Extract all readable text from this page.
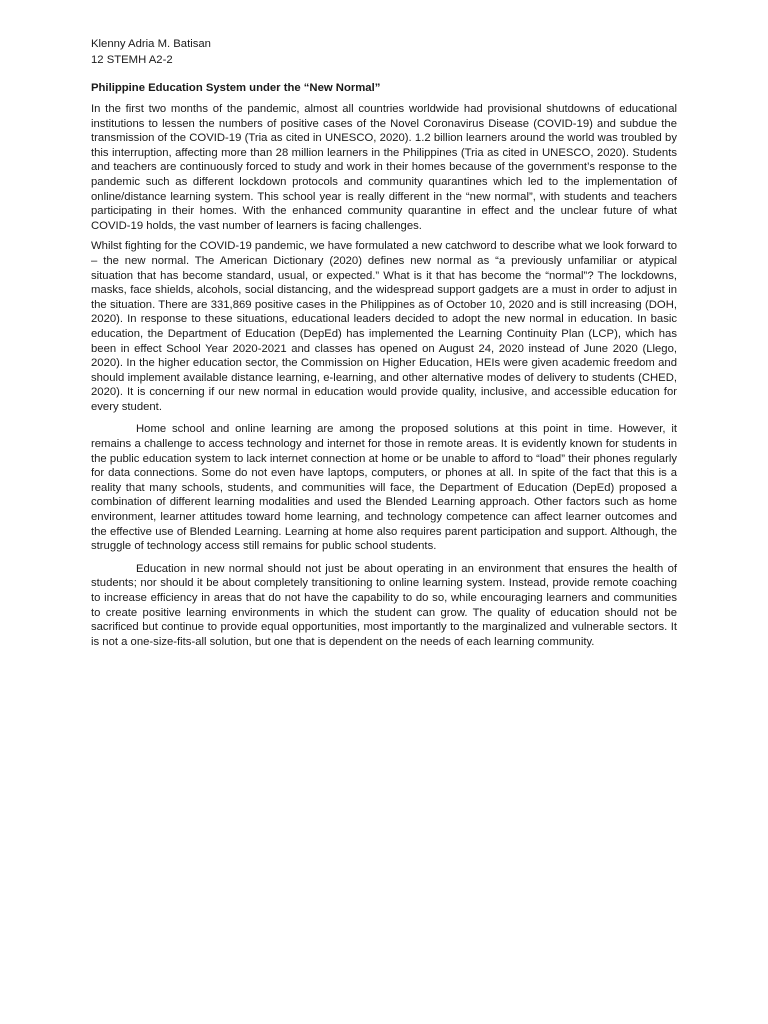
Klenny Adria M. Batisan

12 STEMH A2-2

Philippine Education System under the “New Normal”

In the first two months of the pandemic, almost all countries worldwide had provisional shutdowns of educational institutions to lessen the numbers of positive cases of the Novel Coronavirus Disease (COVID-19) and subdue the transmission of the COVID-19 (Tria as cited in UNESCO, 2020). 1.2 billion learners around the world was troubled by this interruption, affecting more than 28 million learners in the Philippines (Tria as cited in UNESCO, 2020). Students and teachers are continuously forced to study and work in their homes because of the government’s response to the pandemic such as different lockdown protocols and community quarantines which led to the implementation of online/distance learning system. This school year is really different in the “new normal”, with students and teachers participating in their homes. With the enhanced community quarantine in effect and the unclear future of what COVID-19 holds, the vast number of learners is facing challenges.

Whilst fighting for the COVID-19 pandemic, we have formulated a new catchword to describe what we look forward to – the new normal. The American Dictionary (2020) defines new normal as “a previously unfamiliar or atypical situation that has become standard, usual, or expected.” What is it that has become the “normal”? The lockdowns, masks, face shields, alcohols, social distancing, and the widespread support gadgets are a must in order to adjust in the situation. There are 331,869 positive cases in the Philippines as of October 10, 2020 and is still increasing (DOH, 2020). In response to these situations, educational leaders decided to adopt the new normal in education. In basic education, the Department of Education (DepEd) has implemented the Learning Continuity Plan (LCP), which has been in effect School Year 2020-2021 and classes has opened on August 24, 2020 instead of June 2020 (Llego, 2020). In the higher education sector, the Commission on Higher Education, HEIs were given academic freedom and should implement available distance learning, e-learning, and other alternative modes of delivery to students (CHED, 2020). It is concerning if our new normal in education would provide quality, inclusive, and accessible education for every student.

Home school and online learning are among the proposed solutions at this point in time. However, it remains a challenge to access technology and internet for those in remote areas. It is evidently known for students in the public education system to lack internet connection at home or be unable to afford to “load” their phones regularly for data connections. Some do not even have laptops, computers, or phones at all. In spite of the fact that this is a reality that many schools, students, and communities will face, the Department of Education (DepEd) proposed a combination of different learning modalities and used the Blended Learning approach. Other factors such as home environment, learner attitudes toward home learning, and technology competence can affect learner outcomes and the effective use of Blended Learning. Learning at home also requires parent participation and support. Although, the struggle of technology access still remains for public school students.

Education in new normal should not just be about operating in an environment that ensures the health of students; nor should it be about completely transitioning to online learning system. Instead, provide remote coaching to increase efficiency in areas that do not have the capability to do so, while encouraging learners and communities to create positive learning environments in which the student can grow. The quality of education should not be sacrificed but continue to provide equal opportunities, most importantly to the marginalized and vulnerable sectors. It is not a one-size-fits-all solution, but one that is dependent on the needs of each learning community.
